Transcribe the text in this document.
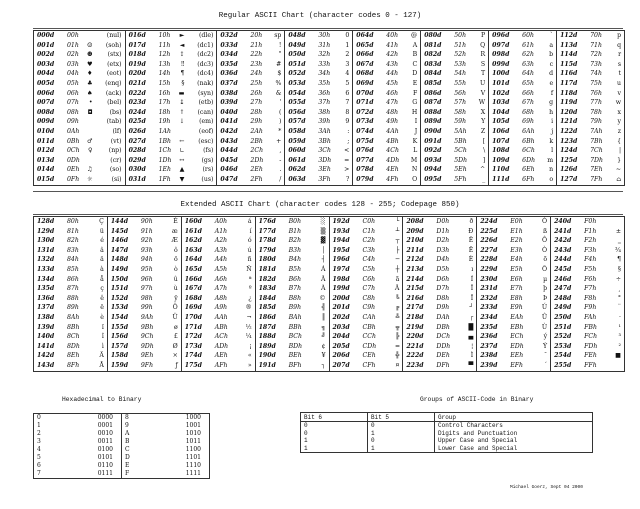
Regular ASCII Chart (character codes 0 - 127)
000d	00h	(nul)
001d	01h	☺	(soh)
002d	02h	☻	(stx)
003d	03h	♥	(etx)
004d	04h	♦	(eot)
005d	05h	♣	(enq)
006d	06h	♠	(ack)
007d	07h	•	(bel)
008d	08h	◘	(bs)
009d	09h	(tab)
010d	0Ah	(lf)
011d	0Bh	♂	(vt)
012d	0Ch	♀	(np)
013d	0Dh	(cr)
014d	0Eh	♫	(so)
015d	0Fh	☼	(si)
016d	10h	►	(dle)
017d	11h	◄	(dc1)
018d	12h	↕	(dc2)
019d	13h	‼	(dc3)
020d	14h	¶	(dc4)
021d	15h	§	(nak)
022d	16h	▬	(syn)
023d	17h	↨	(etb)
024d	18h	↑	(can)
025d	19h	↓	(em)
026d	1Ah	(eof)
027d	1Bh	←	(esc)
028d	1Ch	∟	(fs)
029d	1Dh	↔	(gs)
030d	1Eh	▲	(rs)
031d	1Fh	▼	(us)
032d	20h	sp
033d	21h	!
034d	22h	"
035d	23h	#
036d	24h	$
037d	25h	%
038d	26h	&
039d	27h	'
040d	28h	(
041d	29h	)
042d	2Ah	*
043d	2Bh	+
044d	2Ch	,
045d	2Dh	-
046d	2Eh	.
047d	2Fh	/
048d	30h	0
049d	31h	1
050d	32h	2
051d	33h	3
052d	34h	4
053d	35h	5
054d	36h	6
055d	37h	7
056d	38h	8
057d	39h	9
058d	3Ah	:
059d	3Bh	;
060d	3Ch	<
061d	3Dh	=
062d	3Eh	>
063d	3Fh	?
064d	40h	@
065d	41h	A
066d	42h	B
067d	43h	C
068d	44h	D
069d	45h	E
070d	46h	F
071d	47h	G
072d	48h	H
073d	49h	I
074d	4Ah	J
075d	4Bh	K
076d	4Ch	L
077d	4Dh	M
078d	4Eh	N
079d	4Fh	O
080d	50h	P
081d	51h	Q
082d	52h	R
083d	53h	S
084d	54h	T
085d	55h	U
086d	56h	V
087d	57h	W
088d	58h	X
089d	59h	Y
090d	5Ah	Z
091d	5Bh	[
092d	5Ch	\
093d	5Dh	]
094d	5Eh	^
095d	5Fh	_
096d	60h	`
097d	61h	a
098d	62h	b
099d	63h	c
100d	64h	d
101d	65h	e
102d	66h	f
103d	67h	g
104d	68h	h
105d	69h	i
106d	6Ah	j
107d	6Bh	k
108d	6Ch	l
109d	6Dh	m
110d	6Eh	n
111d	6Fh	o
112d	70h	p
113d	71h	q
114d	72h	r
115d	73h	s
116d	74h	t
117d	75h	u
118d	76h	v
119d	77h	w
120d	78h	x
121d	79h	y
122d	7Ah	z
123d	7Bh	{
124d	7Ch	|
125d	7Dh	}
126d	7Eh	~
127d	7Fh	⌂
Extended ASCII Chart (character codes 128 - 255; Codepage 850)
128d	80h	Ç
129d	81h	ü
130d	82h	é
131d	83h	â
132d	84h	ä
133d	85h	à
134d	86h	å
135d	87h	ç
136d	88h	ê
137d	89h	ë
138d	8Ah	è
139d	8Bh	ï
140d	8Ch	î
141d	8Dh	ì
142d	8Eh	Ä
143d	8Fh	Å
144d	90h	É
145d	91h	æ
146d	92h	Æ
147d	93h	ô
148d	94h	ö
149d	95h	ò
150d	96h	û
151d	97h	ù
152d	98h	ÿ
153d	99h	Ö
154d	9Ah	Ü
155d	9Bh	ø
156d	9Ch	£
157d	9Dh	Ø
158d	9Eh	×
159d	9Fh	ƒ
160d	A0h	á
161d	A1h	í
162d	A2h	ó
163d	A3h	ú
164d	A4h	ñ
165d	A5h	Ñ
166d	A6h	ª
167d	A7h	º
168d	A8h	¿
169d	A9h	®
170d	AAh	¬
171d	ABh	½
172d	ACh	¼
173d	ADh	¡
174d	AEh	«
175d	AFh	»
176d	B0h	░
177d	B1h	▒
178d	B2h	▓
179d	B3h	│
180d	B4h	┤
181d	B5h	Á
182d	B6h	Â
183d	B7h	À
184d	B8h	©
185d	B9h	╣
186d	BAh	║
187d	BBh	╗
188d	BCh	╝
189d	BDh	¢
190d	BEh	¥
191d	BFh	┐
192d	C0h	└
193d	C1h	┴
194d	C2h	┬
195d	C3h	├
196d	C4h	─
197d	C5h	┼
198d	C6h	ã
199d	C7h	Ã
200d	C8h	╚
201d	C9h	╔
202d	CAh	╩
203d	CBh	╦
204d	CCh	╠
205d	CDh	═
206d	CEh	╬
207d	CFh	¤
208d	D0h	ð
209d	D1h	Ð
210d	D2h	Ê
211d	D3h	Ë
212d	D4h	È
213d	D5h	ı
214d	D6h	Í
215d	D7h	Î
216d	D8h	Ï
217d	D9h	┘
218d	DAh	┌
219d	DBh	█
220d	DCh	▄
221d	DDh	¦
222d	DEh	Ì
223d	DFh	▀
224d	E0h	Ó
225d	E1h	ß
226d	E2h	Ô
227d	E3h	Ò
228d	E4h	õ
229d	E5h	Õ
230d	E6h	µ
231d	E7h	þ
232d	E8h	Þ
233d	E9h	Ú
234d	EAh	Û
235d	EBh	Ù
236d	ECh	ý
237d	EDh	Ý
238d	EEh	¯
239d	EFh	´
240d	F0h
241d	F1h	±
242d	F2h	‗
243d	F3h	¾
244d	F4h	¶
245d	F5h	§
246d	F6h	÷
247d	F7h	¸
248d	F8h	°
249d	F9h	¨
250d	FAh	·
251d	FBh	¹
252d	FCh	³
253d	FDh	²
254d	FEh	■
255d	FFh
Hexadecimal to Binary
0	0000	8	1000
1	0001	9	1001
2	0010	A	1010
3	0011	B	1011
4	0100	C	1100
5	0101	D	1101
6	0110	E	1110
7	0111	F	1111
Groups of ASCII-Code in Binary
Bit 6	Bit 5	Group
0	0	Control Characters
0	1	Digits and Punctuation
1	0	Upper Case and Special
1	1	Lower Case and Special
Michael Goerz, Sept 04 2000
